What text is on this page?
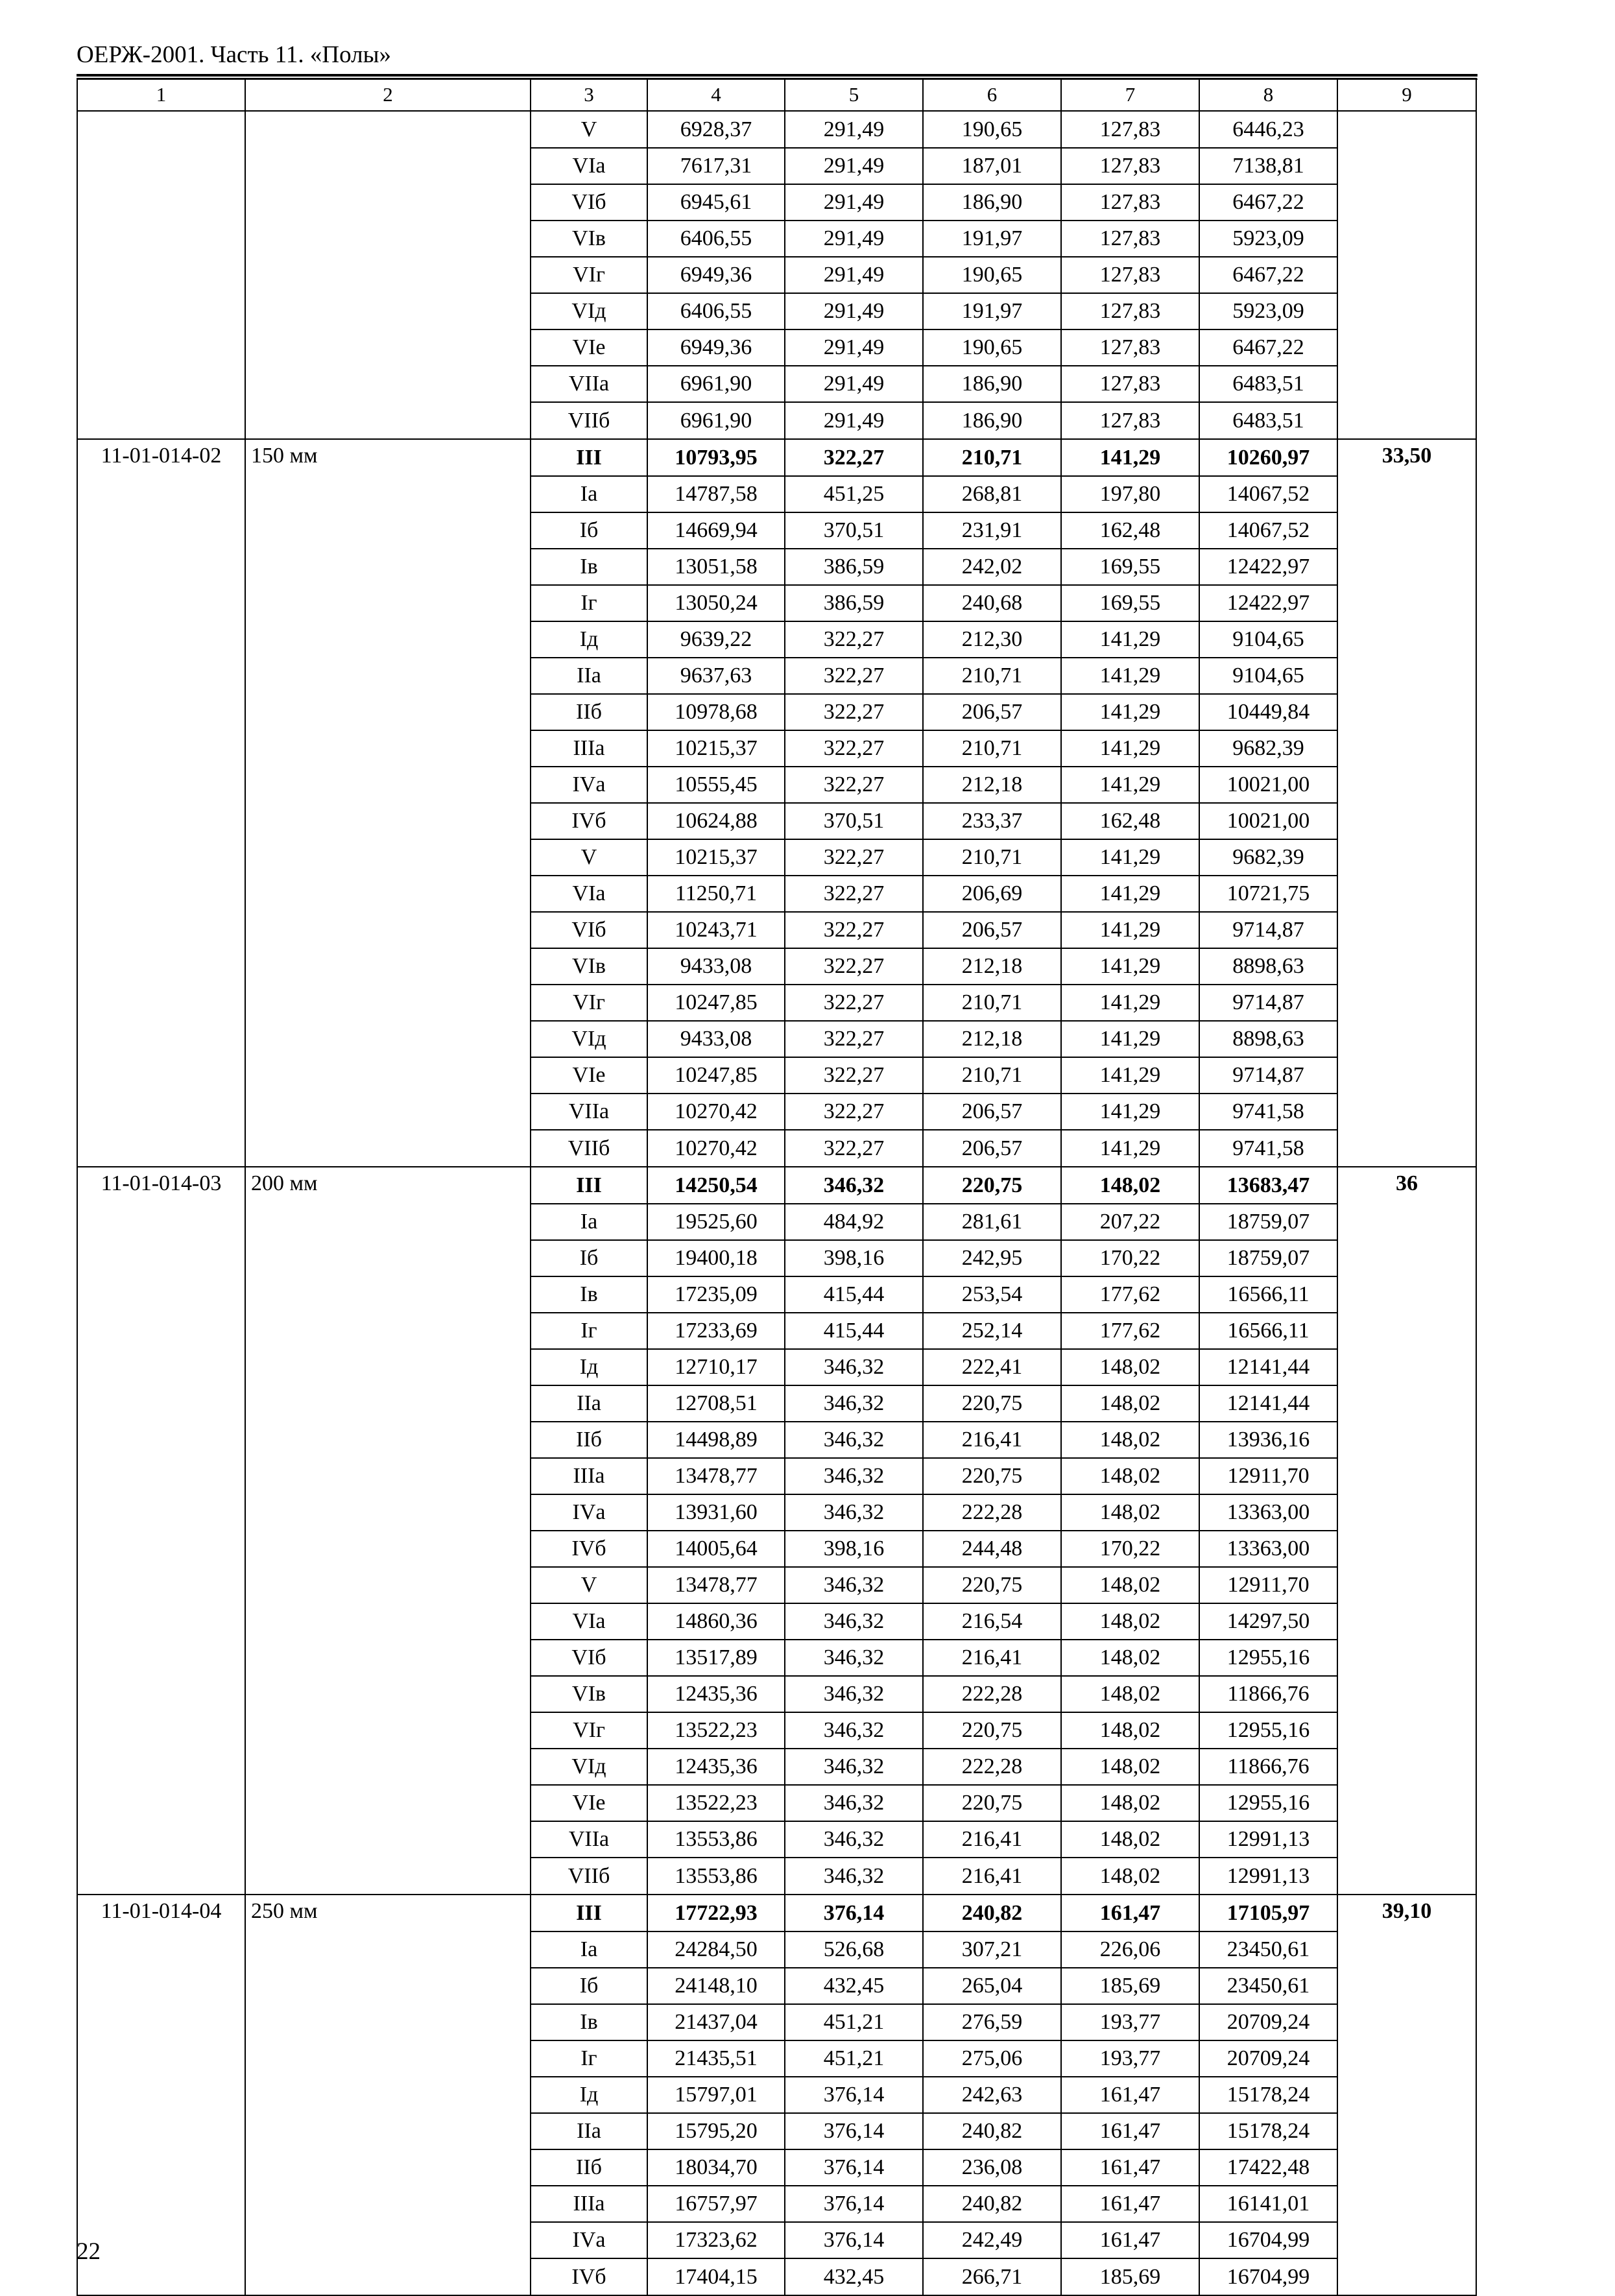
ОЕРЖ-2001. Часть 11. «Полы»
1	2	3	4	5	6	7	8	9
		V	6928,37	291,49	190,65	127,83	6446,23	
		VIа	7617,31	291,49	187,01	127,83	7138,81	
		VIб	6945,61	291,49	186,90	127,83	6467,22	
		VIв	6406,55	291,49	191,97	127,83	5923,09	
		VIг	6949,36	291,49	190,65	127,83	6467,22	
		VIд	6406,55	291,49	191,97	127,83	5923,09	
		VIе	6949,36	291,49	190,65	127,83	6467,22	
		VIIа	6961,90	291,49	186,90	127,83	6483,51	
		VIIб	6961,90	291,49	186,90	127,83	6483,51	
11-01-014-02	150 мм	III	10793,95	322,27	210,71	141,29	10260,97	33,50
		Iа	14787,58	451,25	268,81	197,80	14067,52	
		Iб	14669,94	370,51	231,91	162,48	14067,52	
		Iв	13051,58	386,59	242,02	169,55	12422,97	
		Iг	13050,24	386,59	240,68	169,55	12422,97	
		Iд	9639,22	322,27	212,30	141,29	9104,65	
		IIа	9637,63	322,27	210,71	141,29	9104,65	
		IIб	10978,68	322,27	206,57	141,29	10449,84	
		IIIа	10215,37	322,27	210,71	141,29	9682,39	
		IVа	10555,45	322,27	212,18	141,29	10021,00	
		IVб	10624,88	370,51	233,37	162,48	10021,00	
		V	10215,37	322,27	210,71	141,29	9682,39	
		VIа	11250,71	322,27	206,69	141,29	10721,75	
		VIб	10243,71	322,27	206,57	141,29	9714,87	
		VIв	9433,08	322,27	212,18	141,29	8898,63	
		VIг	10247,85	322,27	210,71	141,29	9714,87	
		VIд	9433,08	322,27	212,18	141,29	8898,63	
		VIе	10247,85	322,27	210,71	141,29	9714,87	
		VIIа	10270,42	322,27	206,57	141,29	9741,58	
		VIIб	10270,42	322,27	206,57	141,29	9741,58	
11-01-014-03	200 мм	III	14250,54	346,32	220,75	148,02	13683,47	36
		Iа	19525,60	484,92	281,61	207,22	18759,07	
		Iб	19400,18	398,16	242,95	170,22	18759,07	
		Iв	17235,09	415,44	253,54	177,62	16566,11	
		Iг	17233,69	415,44	252,14	177,62	16566,11	
		Iд	12710,17	346,32	222,41	148,02	12141,44	
		IIа	12708,51	346,32	220,75	148,02	12141,44	
		IIб	14498,89	346,32	216,41	148,02	13936,16	
		IIIа	13478,77	346,32	220,75	148,02	12911,70	
		IVа	13931,60	346,32	222,28	148,02	13363,00	
		IVб	14005,64	398,16	244,48	170,22	13363,00	
		V	13478,77	346,32	220,75	148,02	12911,70	
		VIа	14860,36	346,32	216,54	148,02	14297,50	
		VIб	13517,89	346,32	216,41	148,02	12955,16	
		VIв	12435,36	346,32	222,28	148,02	11866,76	
		VIг	13522,23	346,32	220,75	148,02	12955,16	
		VIд	12435,36	346,32	222,28	148,02	11866,76	
		VIе	13522,23	346,32	220,75	148,02	12955,16	
		VIIа	13553,86	346,32	216,41	148,02	12991,13	
		VIIб	13553,86	346,32	216,41	148,02	12991,13	
11-01-014-04	250 мм	III	17722,93	376,14	240,82	161,47	17105,97	39,10
		Iа	24284,50	526,68	307,21	226,06	23450,61	
		Iб	24148,10	432,45	265,04	185,69	23450,61	
		Iв	21437,04	451,21	276,59	193,77	20709,24	
		Iг	21435,51	451,21	275,06	193,77	20709,24	
		Iд	15797,01	376,14	242,63	161,47	15178,24	
		IIа	15795,20	376,14	240,82	161,47	15178,24	
		IIб	18034,70	376,14	236,08	161,47	17422,48	
		IIIа	16757,97	376,14	240,82	161,47	16141,01	
		IVа	17323,62	376,14	242,49	161,47	16704,99	
		IVб	17404,15	432,45	266,71	185,69	16704,99	
22
